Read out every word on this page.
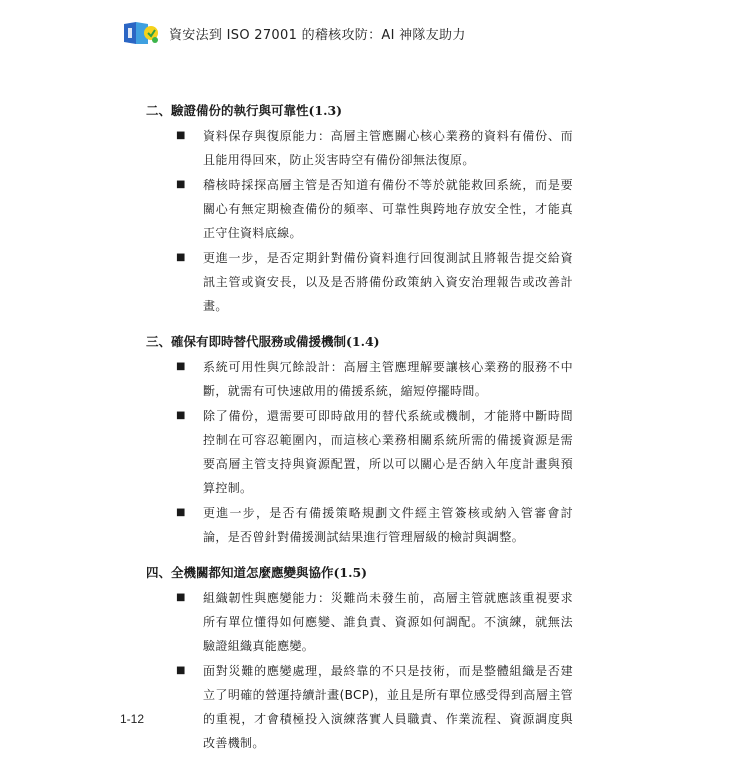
資安法到 ISO 27001 的稽核攻防：AI 神隊友助力
二、驗證備份的執行與可靠性(1.3)
■	資料保存與復原能力：高層主管應關心核心業務的資料有備份、而且能用得回來，防止災害時空有備份卻無法復原。
■	稽核時採探高層主管是否知道有備份不等於就能救回系統，而是要關心有無定期檢查備份的頻率、可靠性與跨地存放安全性，才能真正守住資料底線。
■	更進一步，是否定期針對備份資料進行回復測試且將報告提交給資訊主管或資安長，以及是否將備份政策納入資安治理報告或改善計畫。
三、確保有即時替代服務或備援機制(1.4)
■	系統可用性與冗餘設計：高層主管應理解要讓核心業務的服務不中斷，就需有可快速啟用的備援系統，縮短停擺時間。
■	除了備份，還需要可即時啟用的替代系統或機制，才能將中斷時間控制在可容忍範圍內，而這核心業務相關系統所需的備援資源是需要高層主管支持與資源配置，所以可以關心是否納入年度計畫與預算控制。
■	更進一步，是否有備援策略規劃文件經主管簽核或納入管審會討論，是否曾針對備援測試結果進行管理層級的檢討與調整。
四、全機關都知道怎麼應變與協作(1.5)
■	組織韌性與應變能力：災難尚未發生前，高層主管就應該重視要求所有單位懂得如何應變、誰負責、資源如何調配。不演練，就無法驗證組織真能應變。
■	面對災難的應變處理，最終靠的不只是技術，而是整體組織是否建立了明確的營運持續計畫(BCP)，並且是所有單位感受得到高層主管的重視，才會積極投入演練落實人員職責、作業流程、資源調度與改善機制。
1-12
